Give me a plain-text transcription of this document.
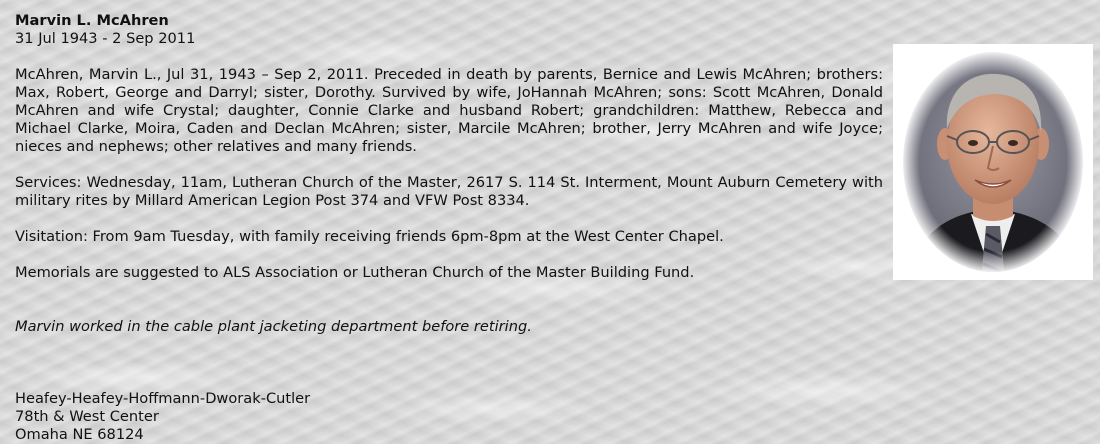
Marvin L. McAhren
31 Jul 1943 - 2 Sep 2011

McAhren, Marvin L., Jul 31, 1943 – Sep 2, 2011. Preceded in death by parents, Bernice and Lewis McAhren; brothers: Max, Robert, George and Darryl; sister, Dorothy. Survived by wife, JoHannah McAhren; sons: Scott McAhren, Donald McAhren and wife Crystal; daughter, Connie Clarke and husband Robert; grandchildren: Matthew, Rebecca and Michael Clarke, Moira, Caden and Declan McAhren; sister, Marcile McAhren; brother, Jerry McAhren and wife Joyce; nieces and nephews; other relatives and many friends.

Services: Wednesday, 11am, Lutheran Church of the Master, 2617 S. 114 St. Interment, Mount Auburn Cemetery with military rites by Millard American Legion Post 374 and VFW Post 8334.

Visitation: From 9am Tuesday, with family receiving friends 6pm-8pm at the West Center Chapel.

Memorials are suggested to ALS Association or Lutheran Church of the Master Building Fund.

Marvin worked in the cable plant jacketing department before retiring.

Heafey-Heafey-Hoffmann-Dworak-Cutler
78th & West Center
Omaha NE 68124
